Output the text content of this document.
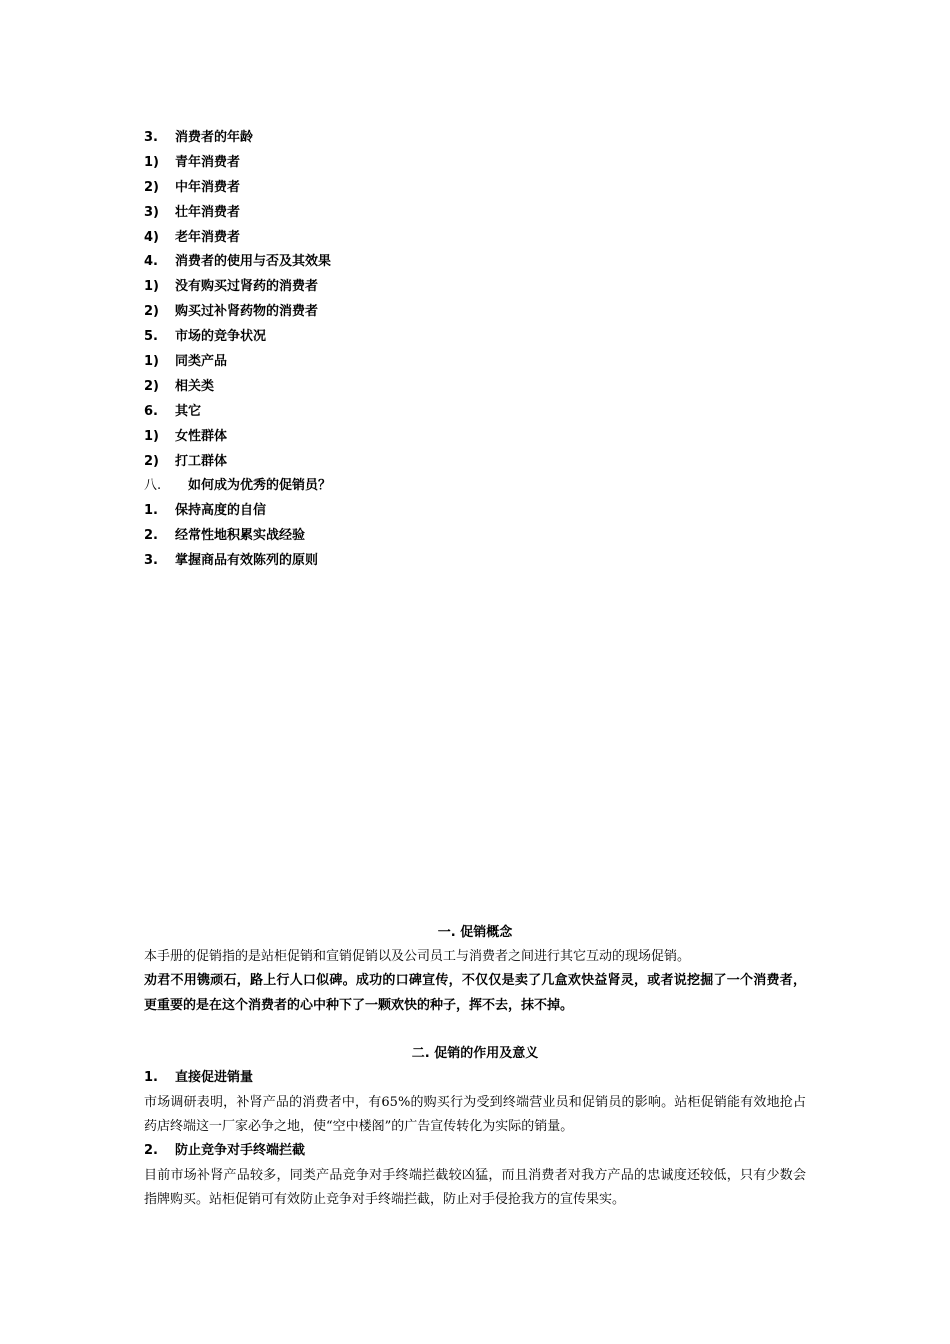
3. 消费者的年龄
1) 青年消费者
2) 中年消费者
3) 壮年消费者
4) 老年消费者
4. 消费者的使用与否及其效果
1) 没有购买过肾药的消费者
2) 购买过补肾药物的消费者
5. 市场的竞争状况
1) 同类产品
2) 相关类
6. 其它
1) 女性群体
2) 打工群体
八. 如何成为优秀的促销员？
1. 保持高度的自信
2. 经常性地积累实战经验
3. 掌握商品有效陈列的原则
一. 促销概念
本手册的促销指的是站柜促销和宣销促销以及公司员工与消费者之间进行其它互动的现场促销。
劝君不用镌顽石，路上行人口似碑。成功的口碑宣传，不仅仅是卖了几盒欢快益肾灵，或者说挖掘了一个消费者，更重要的是在这个消费者的心中种下了一颗欢快的种子，挥不去，抹不掉。
二. 促销的作用及意义
1. 直接促进销量
市场调研表明，补肾产品的消费者中，有65%的购买行为受到终端营业员和促销员的影响。站柜促销能有效地抢占药店终端这一厂家必争之地，使“空中楼阁”的广告宣传转化为实际的销量。
2. 防止竞争对手终端拦截
目前市场补肾产品较多，同类产品竞争对手终端拦截较凶猛，而且消费者对我方产品的忠诚度还较低，只有少数会指牌购买。站柜促销可有效防止竞争对手终端拦截，防止对手侵抢我方的宣传果实。
